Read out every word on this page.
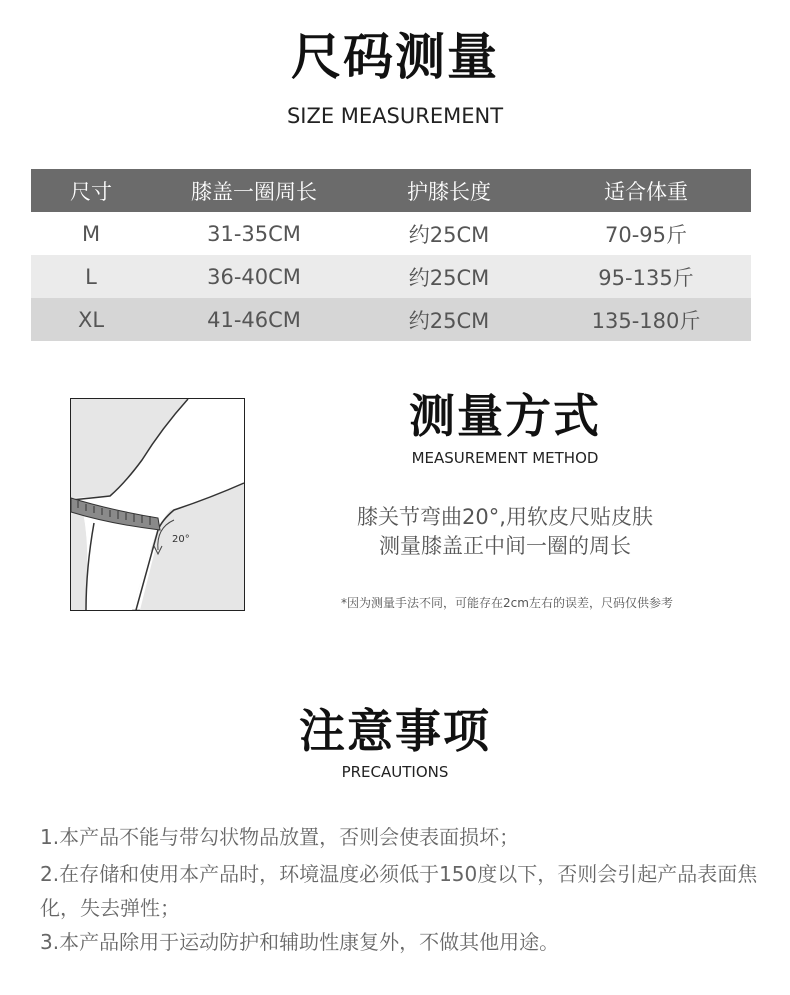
尺码测量
SIZE MEASUREMENT
尺寸	膝盖一圈周长	护膝长度	适合体重
M	31-35CM	约25CM	70-95斤
L	36-40CM	约25CM	95-135斤
XL	41-46CM	约25CM	135-180斤
20°
测量方式
MEASUREMENT METHOD
膝关节弯曲20°,用软皮尺贴皮肤
测量膝盖正中间一圈的周长
*因为测量手法不同，可能存在2cm左右的误差，尺码仅供参考
注意事项
PRECAUTIONS
1.本产品不能与带勾状物品放置，否则会使表面损坏；
2.在存储和使用本产品时，环境温度必须低于150度以下，否则会引起产品表面焦化，失去弹性；
3.本产品除用于运动防护和辅助性康复外，不做其他用途。
